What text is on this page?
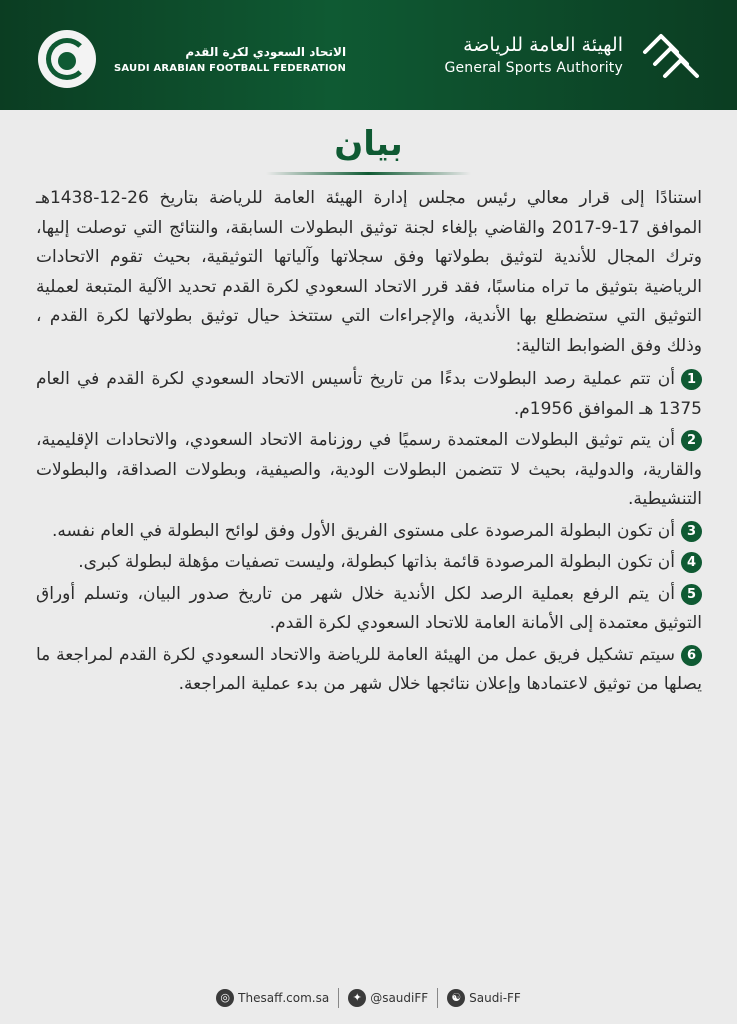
الاتحاد السعودي لكرة القدم
SAUDI ARABIAN FOOTBALL FEDERATION
الهيئة العامة للرياضة
General Sports Authority
بيان

استنادًا إلى قرار معالي رئيس مجلس إدارة الهيئة العامة للرياضة بتاريخ 26-12-1438هـ الموافق 17-9-2017 والقاضي بإلغاء لجنة توثيق البطولات السابقة، والنتائج التي توصلت إليها، وترك المجال للأندية لتوثيق بطولاتها وفق سجلاتها وآلياتها التوثيقية، بحيث تقوم الاتحادات الرياضية بتوثيق ما تراه مناسبًا، فقد قرر الاتحاد السعودي لكرة القدم تحديد الآلية المتبعة لعملية التوثيق التي ستضطلع بها الأندية، والإجراءات التي ستتخذ حيال توثيق بطولاتها لكرة القدم ، وذلك وفق الضوابط التالية:

1أن تتم عملية رصد البطولات بدءًا من تاريخ تأسيس الاتحاد السعودي لكرة القدم في العام 1375 هـ الموافق 1956م.

2أن يتم توثيق البطولات المعتمدة رسميًا في روزنامة الاتحاد السعودي، والاتحادات الإقليمية، والقارية، والدولية، بحيث لا تتضمن البطولات الودية، والصيفية، وبطولات الصداقة، والبطولات التنشيطية.

3أن تكون البطولة المرصودة على مستوى الفريق الأول وفق لوائح البطولة في العام نفسه.

4أن تكون البطولة المرصودة قائمة بذاتها كبطولة، وليست تصفيات مؤهلة لبطولة كبرى.

5أن يتم الرفع بعملية الرصد لكل الأندية خلال شهر من تاريخ صدور البيان، وتسلم أوراق التوثيق معتمدة إلى الأمانة العامة للاتحاد السعودي لكرة القدم.

6سيتم تشكيل فريق عمل من الهيئة العامة للرياضة والاتحاد السعودي لكرة القدم لمراجعة ما يصلها من توثيق لاعتمادها وإعلان نتائجها خلال شهر من بدء عملية المراجعة.

◎ Thesaff.com.sa	✦ @saudiFF	☯ Saudi-FF
